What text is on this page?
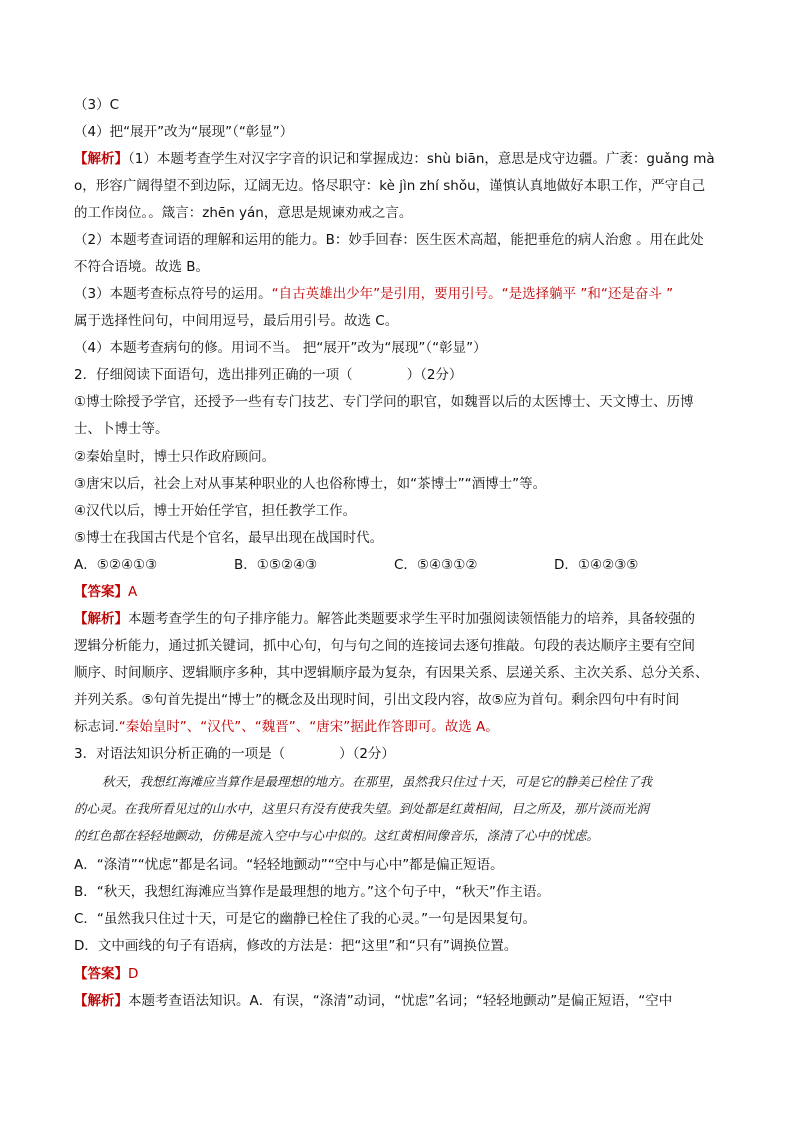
（3）C
（4）把“展开”改为“展现”（“彰显”）
【解析】（1）本题考查学生对汉字字音的识记和掌握成边：shù biān，意思是戍守边疆。广袤：guǎng mà
o，形容广阔得望不到边际，辽阔无边。恪尽职守：kè jìn zhí shǒu，谨慎认真地做好本职工作，严守自己
的工作岗位。。箴言：zhēn yán，意思是规谏劝戒之言。
（2）本题考查词语的理解和运用的能力。B：妙手回春：医生医术高超，能把垂危的病人治愈 。用在此处
不符合语境。故选 B。
（3）本题考查标点符号的运用。“自古英雄出少年”是引用，要用引号。“是选择躺平 ”和“还是奋斗 ”
属于选择性问句，中间用逗号，最后用引号。故选 C。
（4）本题考查病句的修。用词不当。 把“展开”改为“展现”（“彰显”）
2．仔细阅读下面语句，选出排列正确的一项（　　　　）（2分）
①博士除授予学官，还授予一些有专门技艺、专门学问的职官，如魏晋以后的太医博士、天文博士、历博
士、卜博士等。
②秦始皇时，博士只作政府顾问。
③唐宋以后，社会上对从事某种职业的人也俗称博士，如“茶博士”“酒博士”等。
④汉代以后，博士开始任学官，担任教学工作。
⑤博士在我国古代是个官名，最早出现在战国时代。
A．⑤②④①③	B．①⑤②④③	C．⑤④③①②	D．①④②③⑤
【答案】A
【解析】本题考查学生的句子排序能力。解答此类题要求学生平时加强阅读领悟能力的培养，具备较强的
逻辑分析能力，通过抓关键词，抓中心句，句与句之间的连接词去逐句推敲。句段的表达顺序主要有空间
顺序、时间顺序、逻辑顺序多种，其中逻辑顺序最为复杂，有因果关系、层递关系、主次关系、总分关系、
并列关系。⑤句首先提出“博士”的概念及出现时间，引出文段内容，故⑤应为首句。剩余四句中有时间
标志词.“秦始皇时”、“汉代”、“魏晋”、“唐宋”据此作答即可。故选 A。
3．对语法知识分析正确的一项是（　　　　）（2分）
秋天，我想红海滩应当算作是最理想的地方。在那里，虽然我只住过十天，可是它的静美已栓住了我
的心灵。在我所看见过的山水中，这里只有没有使我失望。到处都是红黄相间，目之所及，那片淡而光润
的红色都在轻轻地颤动，仿佛是流入空中与心中似的。这红黄相间像音乐，涤清了心中的忧虑。
A．“涤清”“忧虑”都是名词。“轻轻地颤动”“空中与心中”都是偏正短语。
B．“秋天，我想红海滩应当算作是最理想的地方。”这个句子中，“秋天”作主语。
C．“虽然我只住过十天，可是它的幽静已栓住了我的心灵。”一句是因果复句。
D．文中画线的句子有语病，修改的方法是：把“这里”和“只有”调换位置。
【答案】D
【解析】本题考查语法知识。A．有误，“涤清”动词，“忧虑”名词；“轻轻地颤动”是偏正短语，“空中
